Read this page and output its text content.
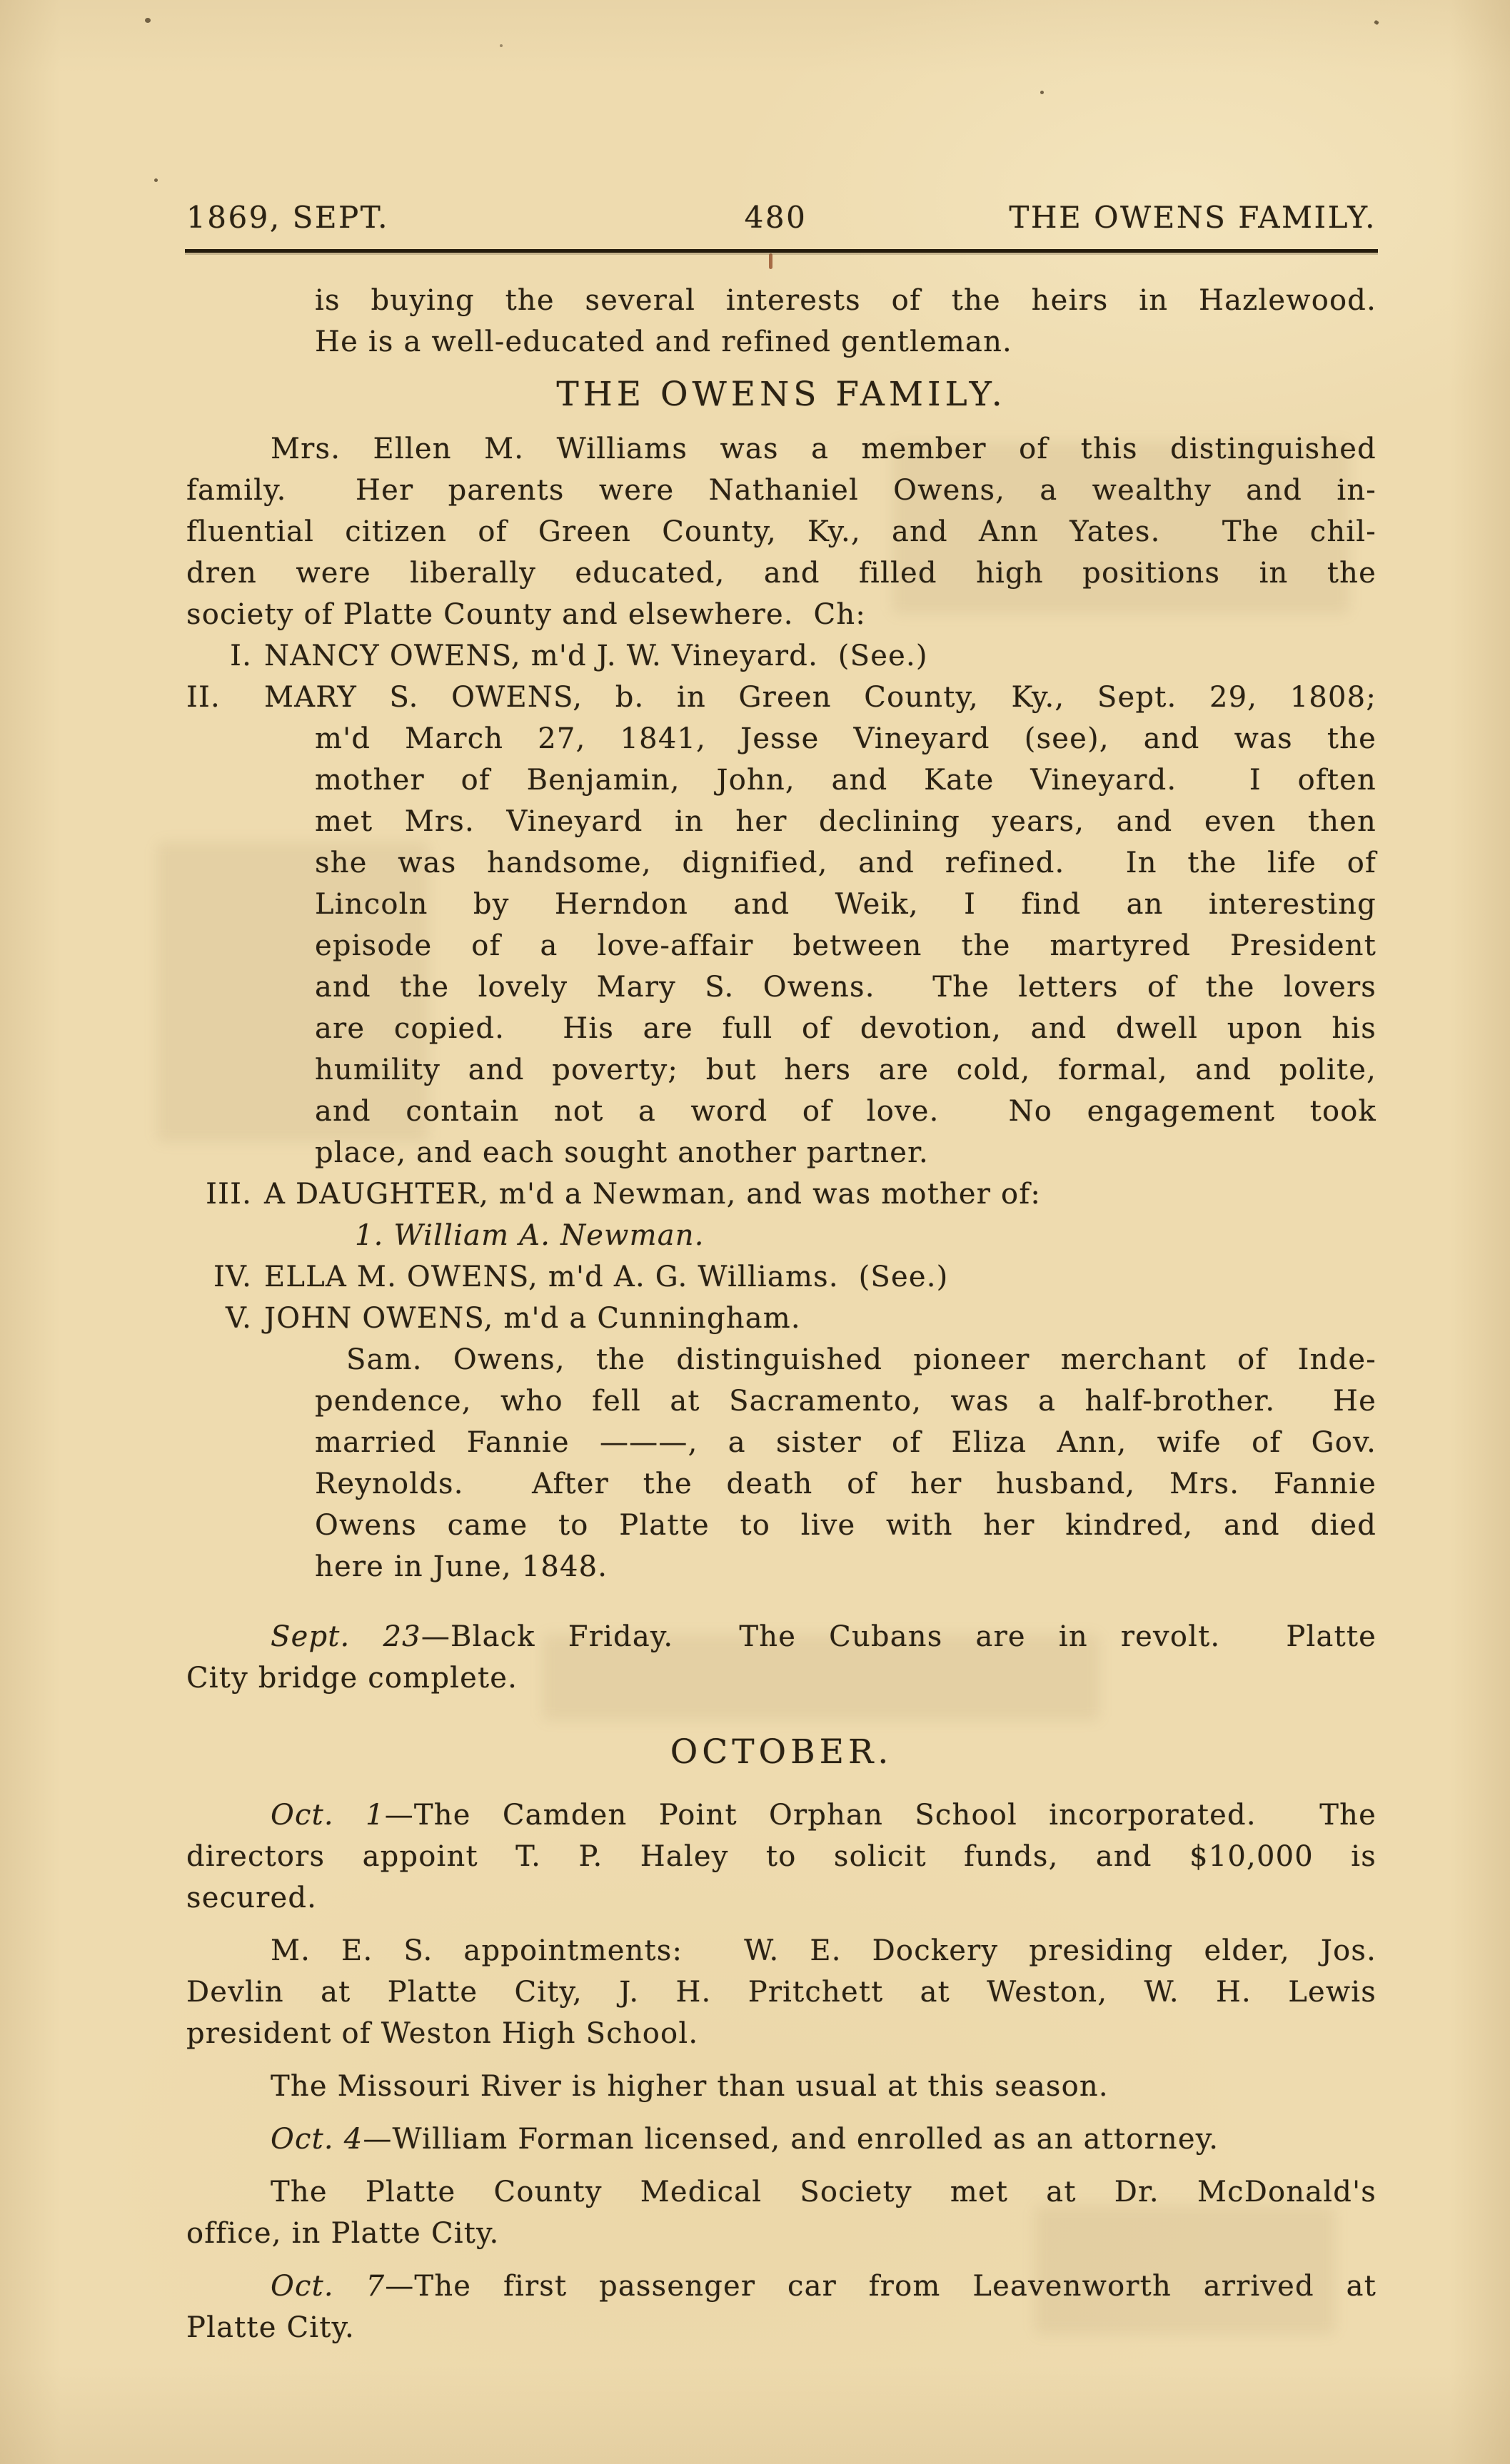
1869, SEPT.	480	THE OWENS FAMILY.
is buying the several interests of the heirs in Hazlewood.
He is a well-educated and refined gentleman.
THE OWENS FAMILY.
Mrs. Ellen M. Williams was a member of this distinguished
family.  Her parents were Nathaniel Owens, a wealthy and in-
fluential citizen of Green County, Ky., and Ann Yates.  The chil-
dren were liberally educated, and filled high positions in the
society of Platte County and elsewhere.  Ch:
I. NANCY OWENS, m'd J. W. Vineyard.  (See.)
II. MARY S. OWENS, b. in Green County, Ky., Sept. 29, 1808;
m'd March 27, 1841, Jesse Vineyard (see), and was the
mother of Benjamin, John, and Kate Vineyard.  I often
met Mrs. Vineyard in her declining years, and even then
she was handsome, dignified, and refined.  In the life of
Lincoln by Herndon and Weik, I find an interesting
episode of a love-affair between the martyred President
and the lovely Mary S. Owens.  The letters of the lovers
are copied.  His are full of devotion, and dwell upon his
humility and poverty; but hers are cold, formal, and polite,
and contain not a word of love.  No engagement took
place, and each sought another partner.
III. A DAUGHTER, m'd a Newman, and was mother of:
1. William A. Newman.
IV. ELLA M. OWENS, m'd A. G. Williams.  (See.)
V. JOHN OWENS, m'd a Cunningham.
Sam. Owens, the distinguished pioneer merchant of Inde-
pendence, who fell at Sacramento, was a half-brother.  He
married Fannie ———, a sister of Eliza Ann, wife of Gov.
Reynolds.  After the death of her husband, Mrs. Fannie
Owens came to Platte to live with her kindred, and died
here in June, 1848.
Sept. 23—Black Friday.  The Cubans are in revolt.  Platte
City bridge complete.
OCTOBER.
Oct. 1—The Camden Point Orphan School incorporated.  The
directors appoint T. P. Haley to solicit funds, and $10,000 is
secured.
M. E. S. appointments:  W. E. Dockery presiding elder, Jos.
Devlin at Platte City, J. H. Pritchett at Weston, W. H. Lewis
president of Weston High School.
The Missouri River is higher than usual at this season.
Oct. 4—William Forman licensed, and enrolled as an attorney.
The Platte County Medical Society met at Dr. McDonald's
office, in Platte City.
Oct. 7—The first passenger car from Leavenworth arrived at
Platte City.
